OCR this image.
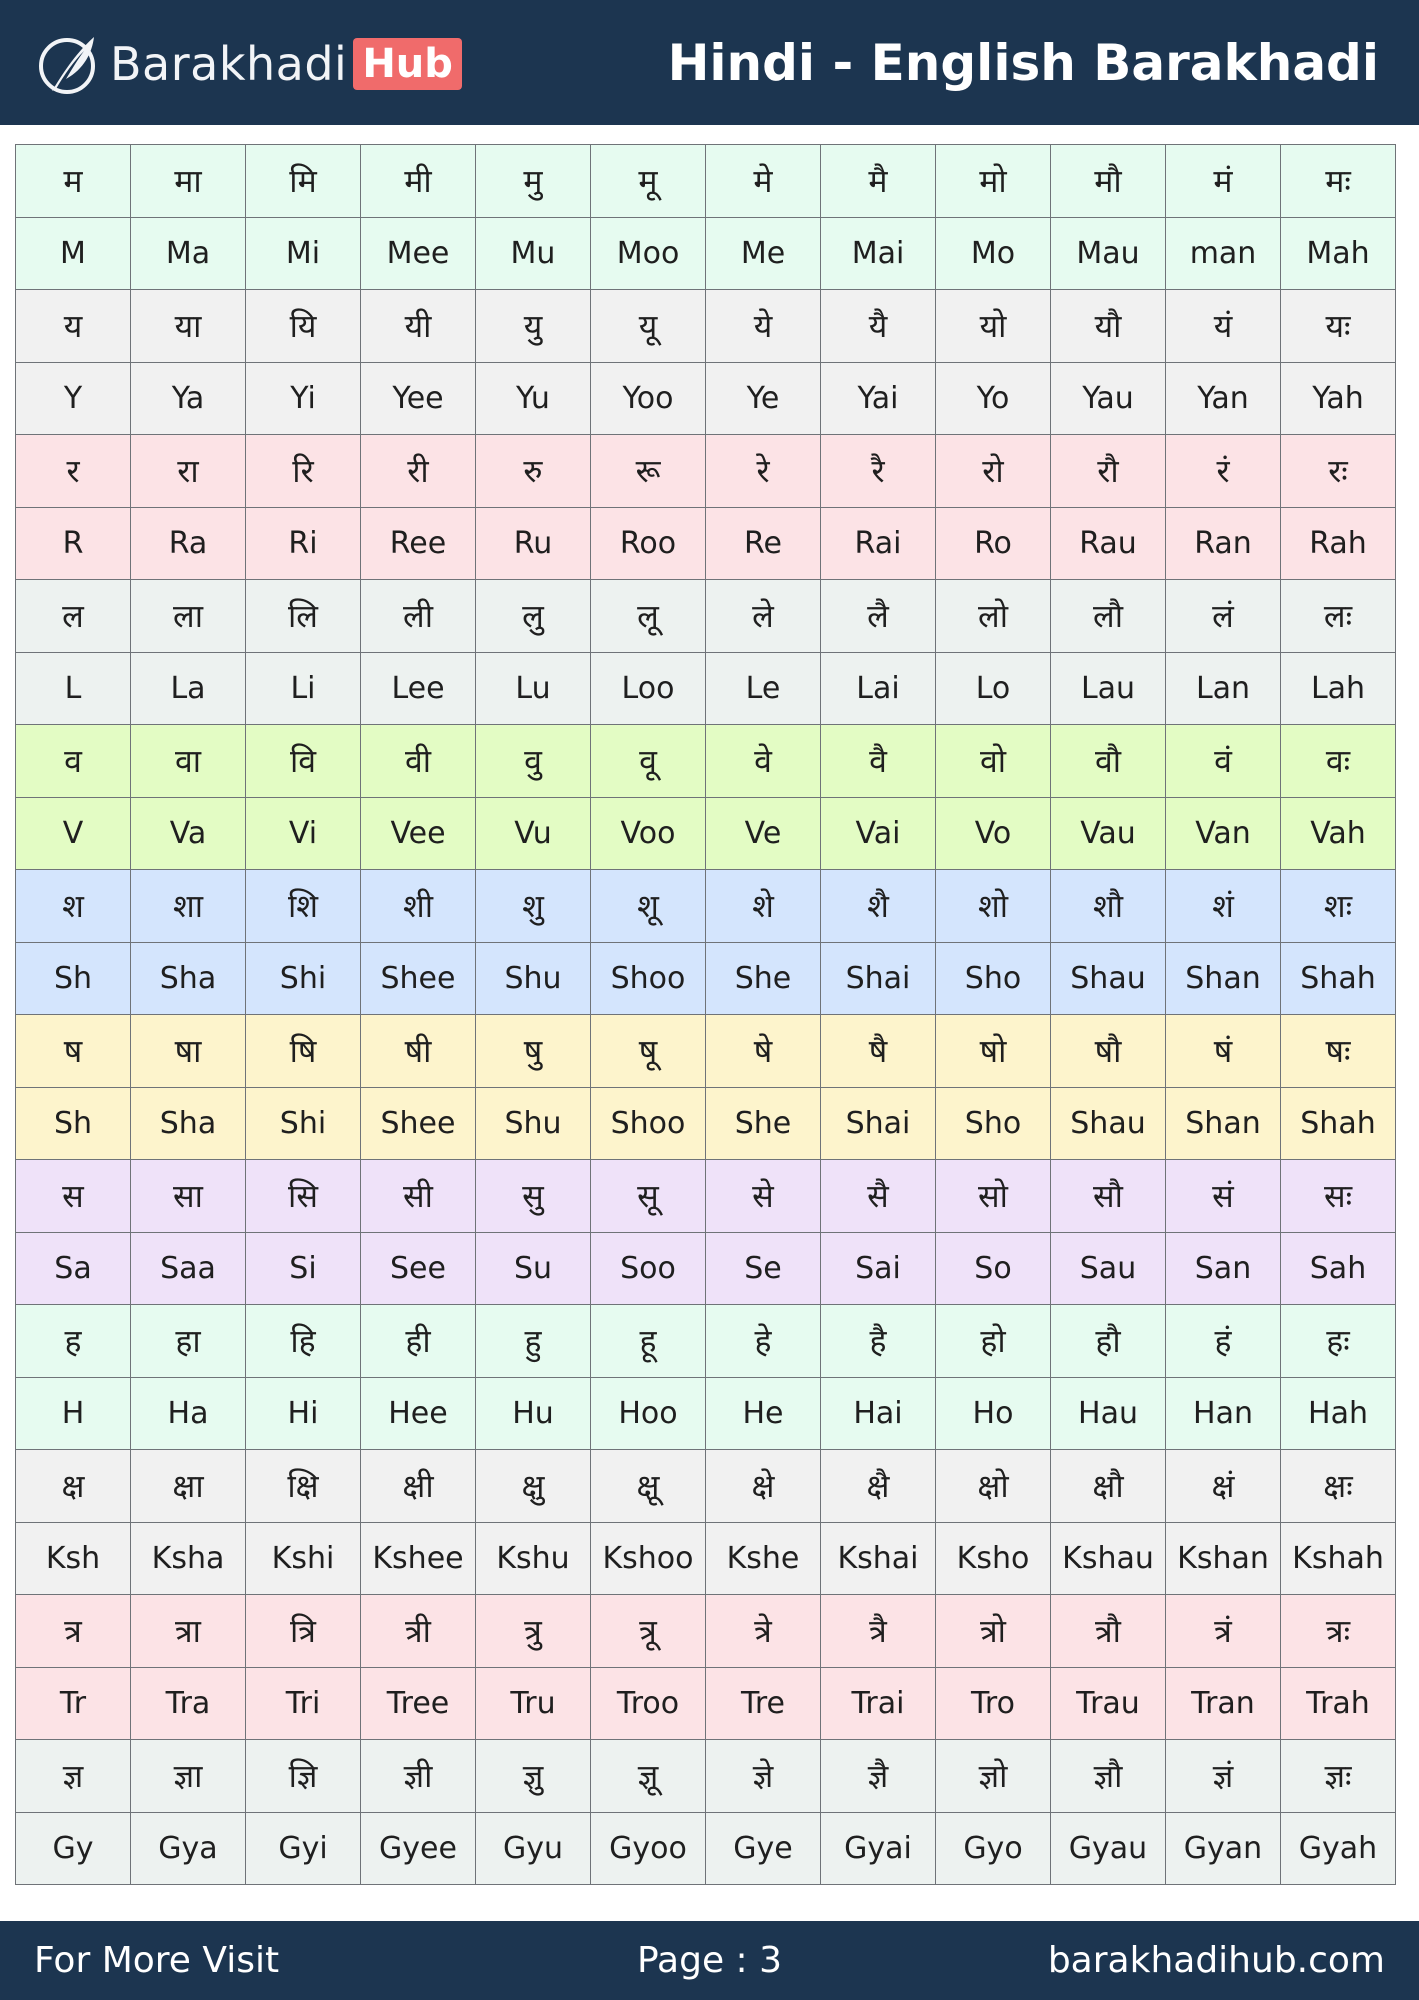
Barakhadi Hub	Hindi - English Barakhadi
म	मा	मि	मी	मु	मू	मे	मै	मो	मौ	मं	मः
M	Ma	Mi	Mee	Mu	Moo	Me	Mai	Mo	Mau	man	Mah
य	या	यि	यी	यु	यू	ये	यै	यो	यौ	यं	यः
Y	Ya	Yi	Yee	Yu	Yoo	Ye	Yai	Yo	Yau	Yan	Yah
र	रा	रि	री	रु	रू	रे	रै	रो	रौ	रं	रः
R	Ra	Ri	Ree	Ru	Roo	Re	Rai	Ro	Rau	Ran	Rah
ल	ला	लि	ली	लु	लू	ले	लै	लो	लौ	लं	लः
L	La	Li	Lee	Lu	Loo	Le	Lai	Lo	Lau	Lan	Lah
व	वा	वि	वी	वु	वू	वे	वै	वो	वौ	वं	वः
V	Va	Vi	Vee	Vu	Voo	Ve	Vai	Vo	Vau	Van	Vah
श	शा	शि	शी	शु	शू	शे	शै	शो	शौ	शं	शः
Sh	Sha	Shi	Shee	Shu	Shoo	She	Shai	Sho	Shau	Shan	Shah
ष	षा	षि	षी	षु	षू	षे	षै	षो	षौ	षं	षः
Sh	Sha	Shi	Shee	Shu	Shoo	She	Shai	Sho	Shau	Shan	Shah
स	सा	सि	सी	सु	सू	से	सै	सो	सौ	सं	सः
Sa	Saa	Si	See	Su	Soo	Se	Sai	So	Sau	San	Sah
ह	हा	हि	ही	हु	हू	हे	है	हो	हौ	हं	हः
H	Ha	Hi	Hee	Hu	Hoo	He	Hai	Ho	Hau	Han	Hah
क्ष	क्षा	क्षि	क्षी	क्षु	क्षू	क्षे	क्षै	क्षो	क्षौ	क्षं	क्षः
Ksh	Ksha	Kshi	Kshee	Kshu	Kshoo	Kshe	Kshai	Ksho	Kshau	Kshan	Kshah
त्र	त्रा	त्रि	त्री	त्रु	त्रू	त्रे	त्रै	त्रो	त्रौ	त्रं	त्रः
Tr	Tra	Tri	Tree	Tru	Troo	Tre	Trai	Tro	Trau	Tran	Trah
ज्ञ	ज्ञा	ज्ञि	ज्ञी	ज्ञु	ज्ञू	ज्ञे	ज्ञै	ज्ञो	ज्ञौ	ज्ञं	ज्ञः
Gy	Gya	Gyi	Gyee	Gyu	Gyoo	Gye	Gyai	Gyo	Gyau	Gyan	Gyah
For More Visit	Page : 3	barakhadihub.com
